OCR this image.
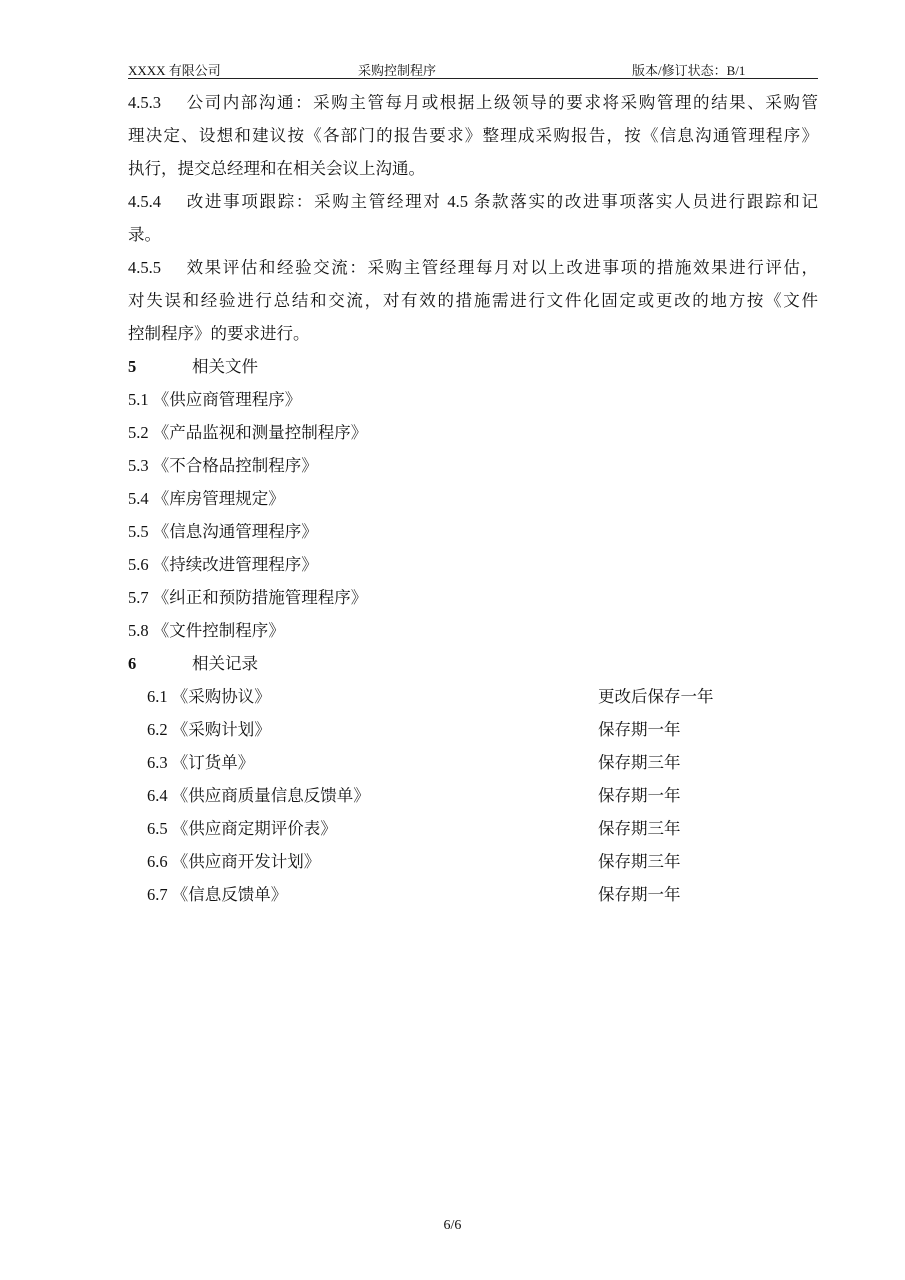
XXXX 有限公司	采购控制程序	版本/修订状态：B/1
4.5.3 公司内部沟通：采购主管每月或根据上级领导的要求将采购管理的结果、采购管
理决定、设想和建议按《各部门的报告要求》整理成采购报告，按《信息沟通管理程序》
执行，提交总经理和在相关会议上沟通。
4.5.4 改进事项跟踪：采购主管经理对 4.5 条款落实的改进事项落实人员进行跟踪和记
录。
4.5.5 效果评估和经验交流：采购主管经理每月对以上改进事项的措施效果进行评估，
对失误和经验进行总结和交流，对有效的措施需进行文件化固定或更改的地方按《文件
控制程序》的要求进行。
5	相关文件
5.1 《供应商管理程序》
5.2 《产品监视和测量控制程序》
5.3 《不合格品控制程序》
5.4 《库房管理规定》
5.5 《信息沟通管理程序》
5.6 《持续改进管理程序》
5.7 《纠正和预防措施管理程序》
5.8 《文件控制程序》
6	相关记录
6.1 《采购协议》	更改后保存一年
6.2 《采购计划》	保存期一年
6.3 《订货单》	保存期三年
6.4 《供应商质量信息反馈单》	保存期一年
6.5 《供应商定期评价表》	保存期三年
6.6 《供应商开发计划》	保存期三年
6.7 《信息反馈单》	保存期一年
6/6
